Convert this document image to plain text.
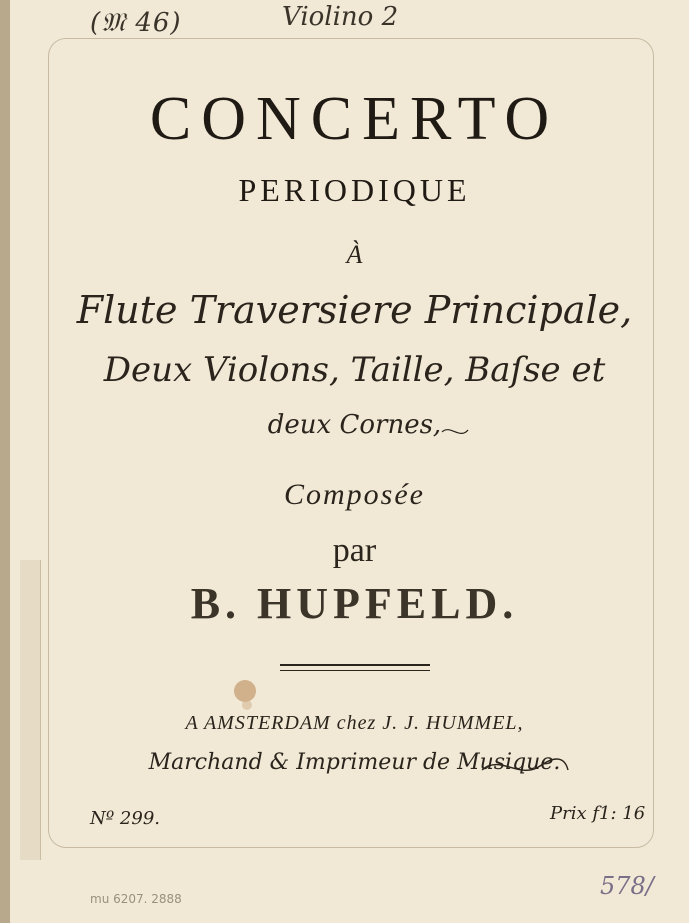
(𝔐 46)	Violino 2
CONCERTO
PERIODIQUE
À
Flute Traversiere Principale,
Deux Violons, Taille, Baſse et
deux Cornes,
Composée
par
B. HUPFELD.
A AMSTERDAM chez J. J. HUMMEL,
Marchand & Imprimeur de Musique.
Nº 299.	Prix f1: 16
mu 6207. 2888	578/
